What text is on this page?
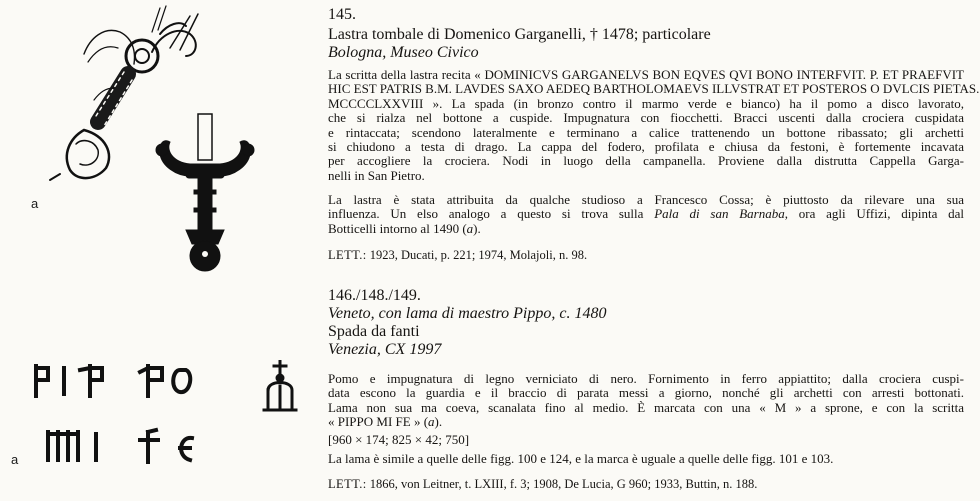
a
a
145.
Lastra tombale di Domenico Garganelli, † 1478; particolare
Bologna, Museo Civico
La scritta della lastra recita « DOMINICVS GARGANELVS BON EQVES QVI BONO INTERFVIT. P. ET PRAEFVIT
HIC EST PATRIS B.M. LAVDES SAXO AEDEQ BARTHOLOMAEVS ILLVSTRAT ET POSTEROS O DVLCIS PIETAS.
MCCCCLXXVIII ». La spada (in bronzo contro il marmo verde e bianco) ha il pomo a disco lavorato,
che si rialza nel bottone a cuspide. Impugnatura con fiocchetti. Bracci uscenti dalla crociera cuspidata
e rintaccata; scendono lateralmente e terminano a calice trattenendo un bottone ribassato; gli archetti
si chiudono a testa di drago. La cappa del fodero, profilata e chiusa da festoni, è fortemente incavata
per accogliere la crociera. Nodi in luogo della campanella. Proviene dalla distrutta Cappella Garga-
nelli in San Pietro.
La lastra è stata attribuita da qualche studioso a Francesco Cossa; è piuttosto da rilevare una sua
influenza. Un elso analogo a questo si trova sulla Pala di san Barnaba, ora agli Uffizi, dipinta dal
Botticelli intorno al 1490 (a).
LETT.: 1923, Ducati, p. 221; 1974, Molajoli, n. 98.
146./148./149.
Veneto, con lama di maestro Pippo, c. 1480
Spada da fanti
Venezia, CX 1997
Pomo e impugnatura di legno verniciato di nero. Fornimento in ferro appiattito; dalla crociera cuspi-
data escono la guardia e il braccio di parata messi a giorno, nonché gli archetti con arresti bottonati.
Lama non sua ma coeva, scanalata fino al medio. È marcata con una « M » a sprone, e con la scritta
« PIPPO MI FE » (a).
[960 × 174; 825 × 42; 750]
La lama è simile a quelle delle figg. 100 e 124, e la marca è uguale a quelle delle figg. 101 e 103.
LETT.: 1866, von Leitner, t. LXIII, f. 3; 1908, De Lucia, G 960; 1933, Buttin, n. 188.
